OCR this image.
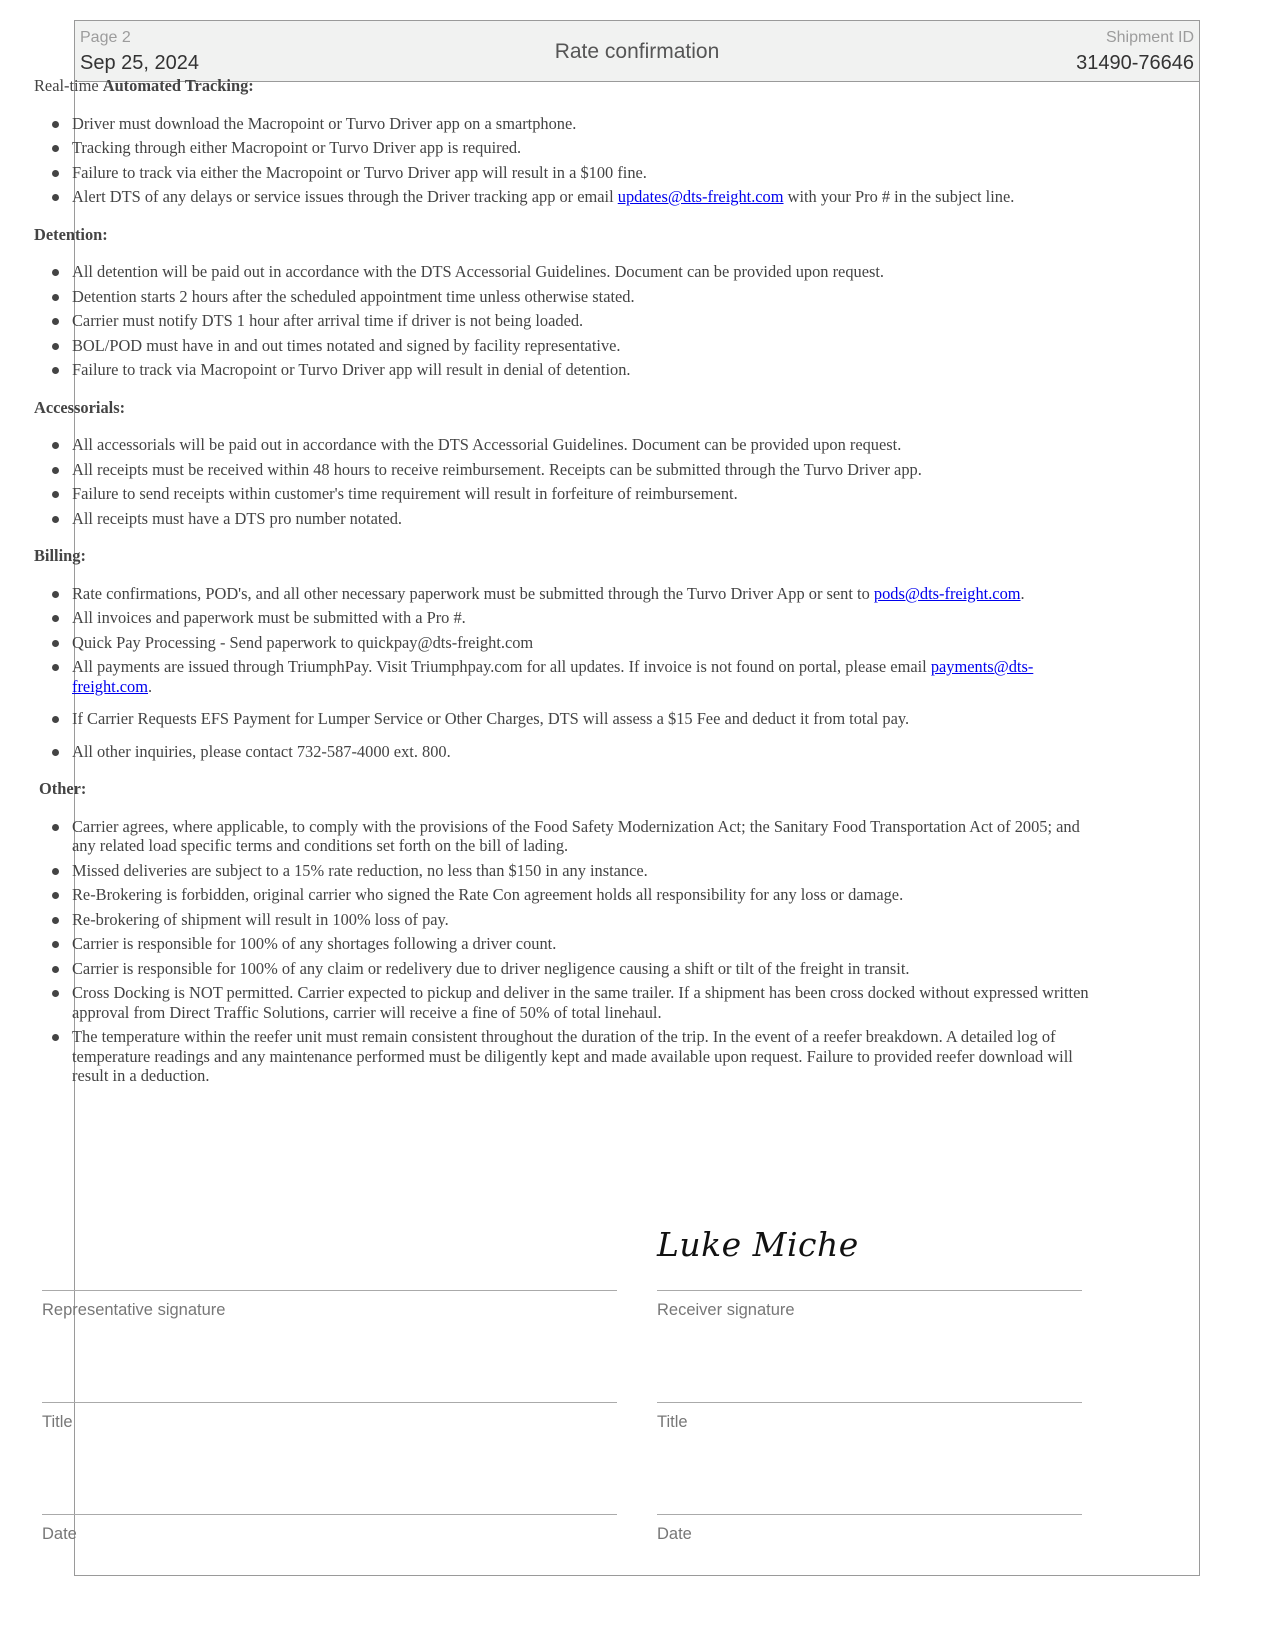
Page 2
Sep 25, 2024	Rate confirmation
Shipment ID
31490-76646

Real-time Automated Tracking:

Driver must download the Macropoint or Turvo Driver app on a smartphone.
Tracking through either Macropoint or Turvo Driver app is required.
Failure to track via either the Macropoint or Turvo Driver app will result in a $100 fine.
Alert DTS of any delays or service issues through the Driver tracking app or email updates@dts-freight.com with your Pro # in the subject line.

Detention:

All detention will be paid out in accordance with the DTS Accessorial Guidelines. Document can be provided upon request.
Detention starts 2 hours after the scheduled appointment time unless otherwise stated.
Carrier must notify DTS 1 hour after arrival time if driver is not being loaded.
BOL/POD must have in and out times notated and signed by facility representative.
Failure to track via Macropoint or Turvo Driver app will result in denial of detention.

Accessorials:

All accessorials will be paid out in accordance with the DTS Accessorial Guidelines. Document can be provided upon request.
All receipts must be received within 48 hours to receive reimbursement. Receipts can be submitted through the Turvo Driver app.
Failure to send receipts within customer's time requirement will result in forfeiture of reimbursement.
All receipts must have a DTS pro number notated.

Billing:

Rate confirmations, POD's, and all other necessary paperwork must be submitted through the Turvo Driver App or sent to pods@dts-freight.com.
All invoices and paperwork must be submitted with a Pro #.
Quick Pay Processing - Send paperwork to quickpay@dts-freight.com
All payments are issued through TriumphPay. Visit Triumphpay.com for all updates. If invoice is not found on portal, please email payments@dts-freight.com.
If Carrier Requests EFS Payment for Lumper Service or Other Charges, DTS will assess a $15 Fee and deduct it from total pay.
All other inquiries, please contact 732-587-4000 ext. 800.

Other:

Carrier agrees, where applicable, to comply with the provisions of the Food Safety Modernization Act; the Sanitary Food Transportation Act of 2005; and any related load specific terms and conditions set forth on the bill of lading.
Missed deliveries are subject to a 15% rate reduction, no less than $150 in any instance.
Re-Brokering is forbidden, original carrier who signed the Rate Con agreement holds all responsibility for any loss or damage.
Re-brokering of shipment will result in 100% loss of pay.
Carrier is responsible for 100% of any shortages following a driver count.
Carrier is responsible for 100% of any claim or redelivery due to driver negligence causing a shift or tilt of the freight in transit.
Cross Docking is NOT permitted. Carrier expected to pickup and deliver in the same trailer. If a shipment has been cross docked without expressed written approval from Direct Traffic Solutions, carrier will receive a fine of 50% of total linehaul.
The temperature within the reefer unit must remain consistent throughout the duration of the trip. In the event of a reefer breakdown. A detailed log of temperature readings and any maintenance performed must be diligently kept and made available upon request. Failure to provided reefer download will result in a deduction.
Representative signature
Title
Date
Luke Miche
Receiver signature
Title
Date
